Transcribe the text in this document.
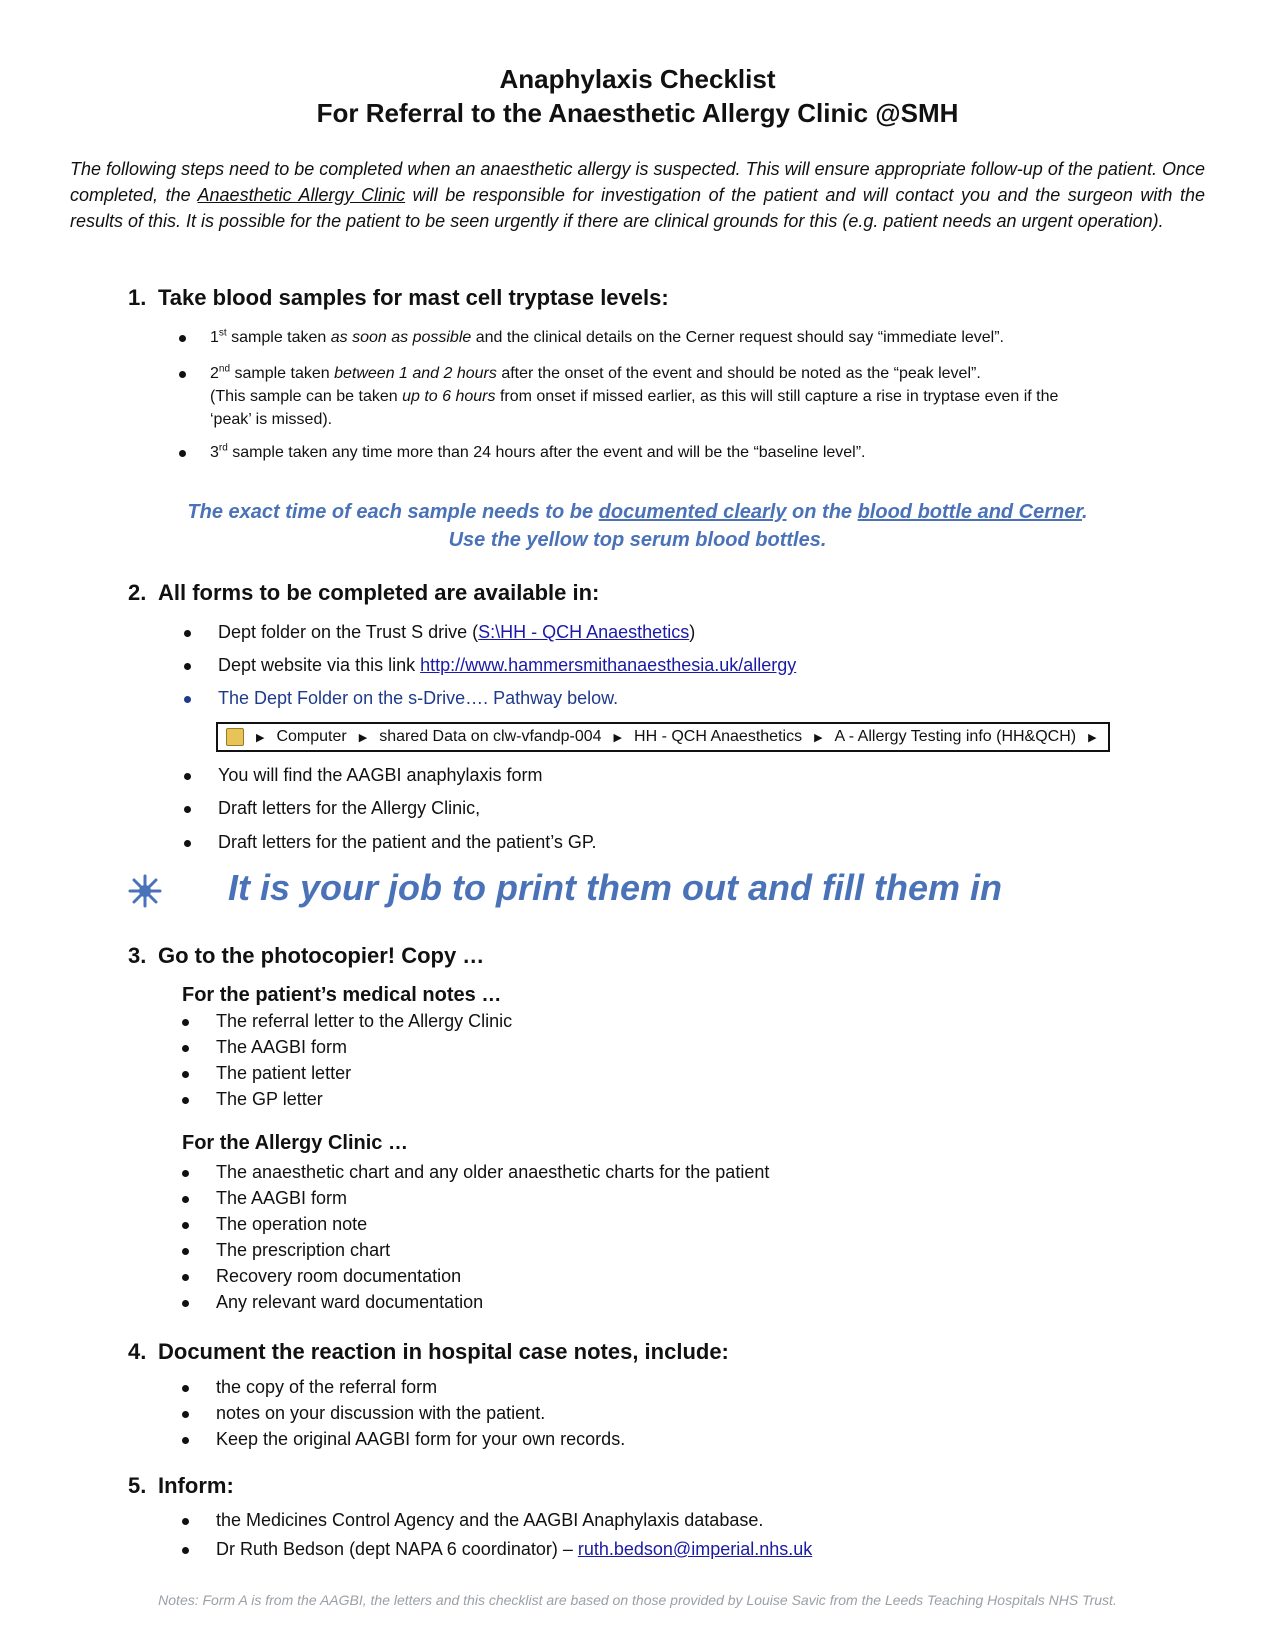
Anaphylaxis Checklist
For Referral to the Anaesthetic Allergy Clinic @SMH
The following steps need to be completed when an anaesthetic allergy is suspected. This will ensure appropriate follow-up of the patient. Once completed, the Anaesthetic Allergy Clinic will be responsible for investigation of the patient and will contact you and the surgeon with the results of this. It is possible for the patient to be seen urgently if there are clinical grounds for this (e.g. patient needs an urgent operation).
1. Take blood samples for mast cell tryptase levels:
1st sample taken as soon as possible and the clinical details on the Cerner request should say “immediate level”.
2nd sample taken between 1 and 2 hours after the onset of the event and should be noted as the “peak level”.
(This sample can be taken up to 6 hours from onset if missed earlier, as this will still capture a rise in tryptase even if the ‘peak’ is missed).
3rd sample taken any time more than 24 hours after the event and will be the “baseline level”.
The exact time of each sample needs to be documented clearly on the blood bottle and Cerner.
Use the yellow top serum blood bottles.
2. All forms to be completed are available in:
Dept folder on the Trust S drive (S:\HH - QCH Anaesthetics)
Dept website via this link http://www.hammersmithanaesthesia.uk/allergy
The Dept Folder on the s-Drive…. Pathway below.
▶ Computer ▶ shared Data on clw-vfandp-004 ▶ HH - QCH Anaesthetics ▶ A - Allergy Testing info (HH&QCH) ▶
You will find the AAGBI anaphylaxis form
Draft letters for the Allergy Clinic,
Draft letters for the patient and the patient’s GP.
It is your job to print them out and fill them in
3. Go to the photocopier! Copy …
For the patient’s medical notes …
The referral letter to the Allergy Clinic
The AAGBI form
The patient letter
The GP letter
For the Allergy Clinic …
The anaesthetic chart and any older anaesthetic charts for the patient
The AAGBI form
The operation note
The prescription chart
Recovery room documentation
Any relevant ward documentation
4. Document the reaction in hospital case notes, include:
the copy of the referral form
notes on your discussion with the patient.
Keep the original AAGBI form for your own records.
5. Inform:
the Medicines Control Agency and the AAGBI Anaphylaxis database.
Dr Ruth Bedson (dept NAPA 6 coordinator) – ruth.bedson@imperial.nhs.uk
Notes: Form A is from the AAGBI, the letters and this checklist are based on those provided by Louise Savic from the Leeds Teaching Hospitals NHS Trust.
